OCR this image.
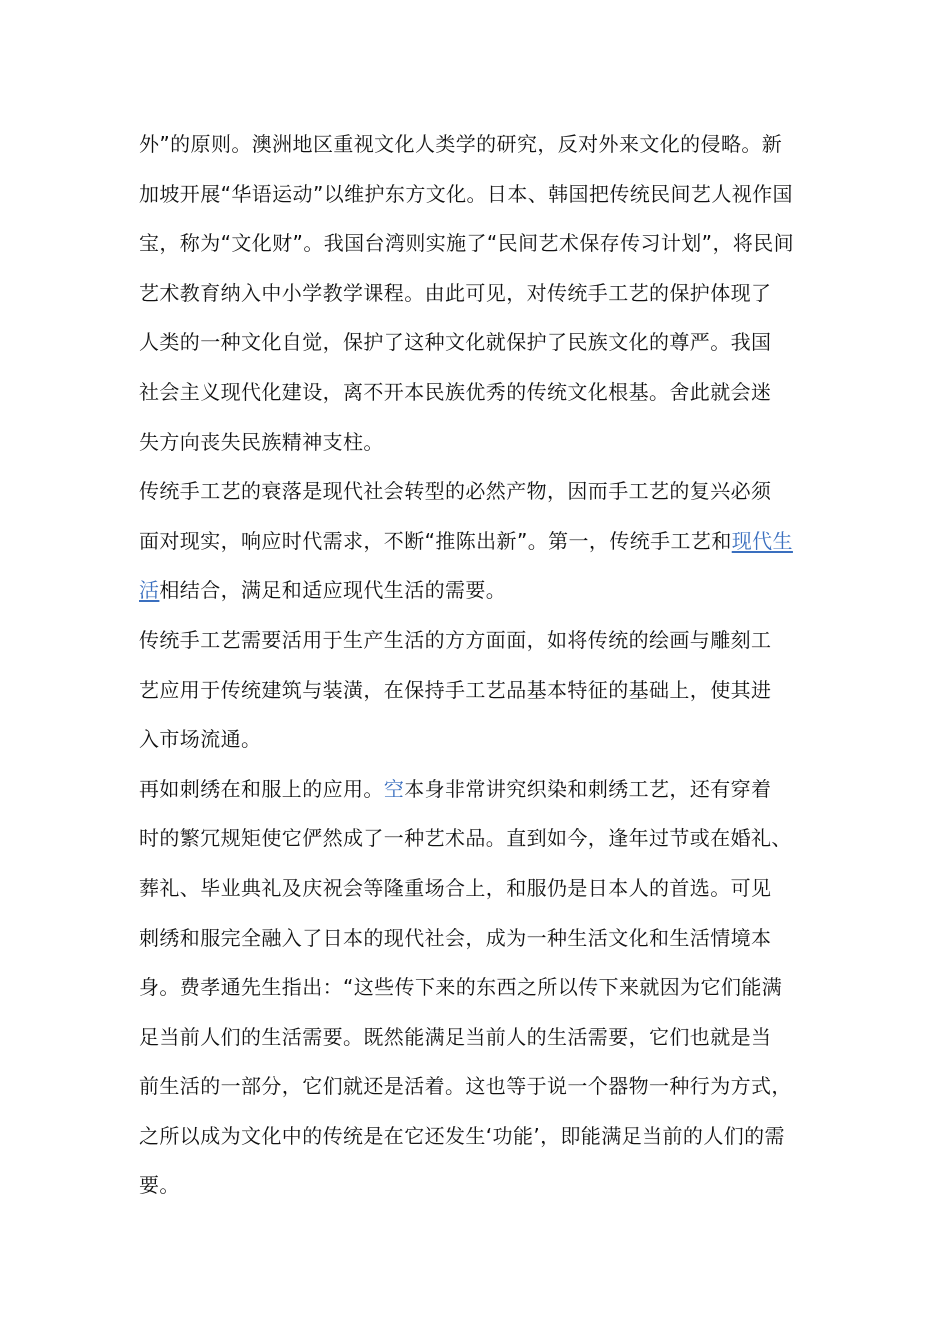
外”的原则。澳洲地区重视文化人类学的研究，反对外来文化的侵略。新
加坡开展“华语运动”以维护东方文化。日本、韩国把传统民间艺人视作国
宝，称为“文化财”。我国台湾则实施了“民间艺术保存传习计划”，将民间
艺术教育纳入中小学教学课程。由此可见，对传统手工艺的保护体现了
人类的一种文化自觉，保护了这种文化就保护了民族文化的尊严。我国
社会主义现代化建设，离不开本民族优秀的传统文化根基。舍此就会迷
失方向丧失民族精神支柱。
传统手工艺的衰落是现代社会转型的必然产物，因而手工艺的复兴必须
面对现实，响应时代需求，不断“推陈出新”。第一，传统手工艺和现代生
活相结合，满足和适应现代生活的需要。
传统手工艺需要活用于生产生活的方方面面，如将传统的绘画与雕刻工
艺应用于传统建筑与装潢，在保持手工艺品基本特征的基础上，使其进
入市场流通。
再如刺绣在和服上的应用。空本身非常讲究织染和刺绣工艺，还有穿着
时的繁冗规矩使它俨然成了一种艺术品。直到如今，逢年过节或在婚礼、
葬礼、毕业典礼及庆祝会等隆重场合上，和服仍是日本人的首选。可见
刺绣和服完全融入了日本的现代社会，成为一种生活文化和生活情境本
身。费孝通先生指出：“这些传下来的东西之所以传下来就因为它们能满
足当前人们的生活需要。既然能满足当前人的生活需要，它们也就是当
前生活的一部分，它们就还是活着。这也等于说一个器物一种行为方式，
之所以成为文化中的传统是在它还发生‘功能’，即能满足当前的人们的需
要。
